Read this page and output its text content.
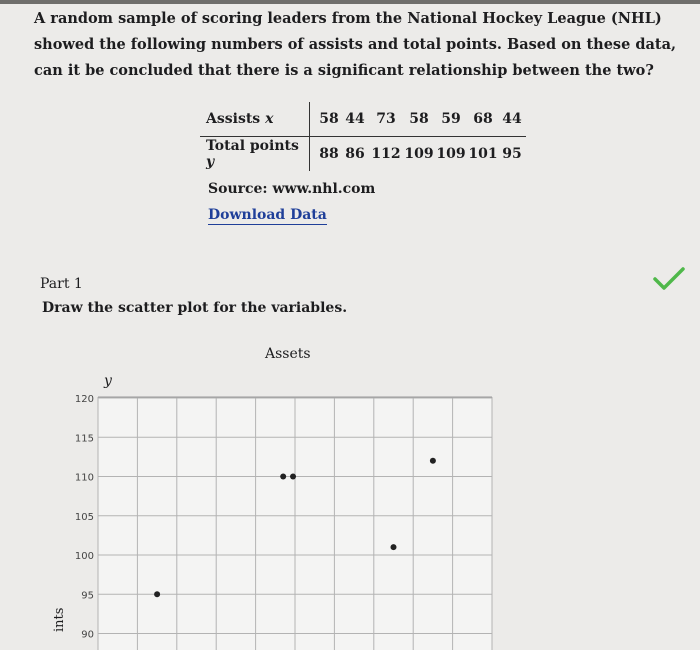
A random sample of scoring leaders from the National Hockey League (NHL) showed the following numbers of assists and total points. Based on these data, can it be concluded that there is a significant relationship between the two?
Assists x		58	44	73	58	59	68	44
Total points y		88	86	112	109	109	101	95
Source: www.nhl.com
Download Data
Part 1
Draw the scatter plot for the variables.
Assets
y
120
115
110
105
100
95
90
ints
